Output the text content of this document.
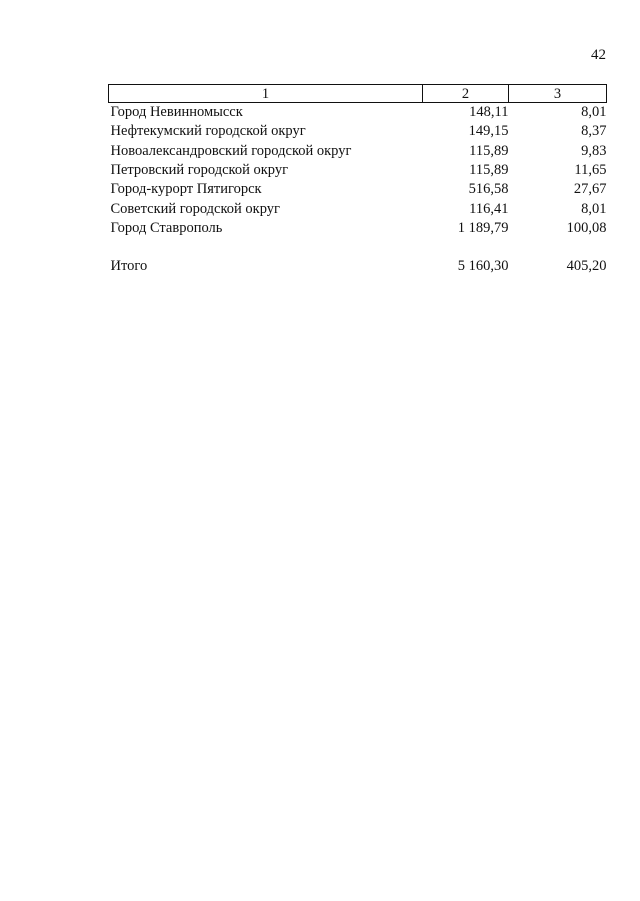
42
1	2	3
Город Невинномысск	148,11	8,01
Нефтекумский городской округ	149,15	8,37
Новоалександровский городской округ	115,89	9,83
Петровский городской округ	115,89	11,65
Город-курорт Пятигорск	516,58	27,67
Советский городской округ	116,41	8,01
Город Ставрополь	1 189,79	100,08

Итого	5 160,30	405,20
